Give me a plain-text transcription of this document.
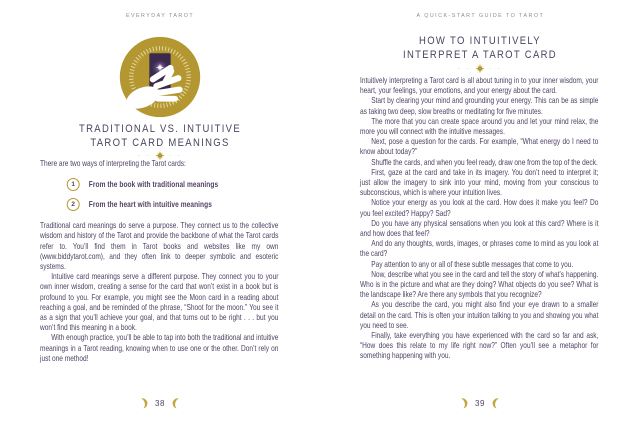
EVERYDAY TAROT
TRADITIONAL VS. INTUITIVE
TAROT CARD MEANINGS
· ·	· ·

There are two ways of interpreting the Tarot cards:

1	From the book with traditional meanings
2	From the heart with intuitive meanings

Traditional card meanings do serve a purpose. They connect us to the collective wisdom and history of the Tarot and provide the backbone of what the Tarot cards refer to. You’ll find them in Tarot books and websites like my own (www.biddytarot.com), and they often link to deeper symbolic and esoteric systems.

Intuitive card meanings serve a different purpose. They connect you to your own inner wisdom, creating a sense for the card that won’t exist in a book but is profound to you. For example, you might see the Moon card in a reading about reaching a goal, and be reminded of the phrase, “Shoot for the moon.” You see it as a sign that you’ll achieve your goal, and that turns out to be right . . . but you won’t find this meaning in a book.

With enough practice, you’ll be able to tap into both the traditional and intuitive meanings in a Tarot reading, knowing when to use one or the other. Don’t rely on just one method!

38
A QUICK-START GUIDE TO TAROT
HOW TO INTUITIVELY
INTERPRET A TAROT CARD
· ·	· ·

Intuitively interpreting a Tarot card is all about tuning in to your inner wisdom, your heart, your feelings, your emotions, and your energy about the card.

Start by clearing your mind and grounding your energy. This can be as simple as taking two deep, slow breaths or meditating for five minutes.

The more that you can create space around you and let your mind relax, the more you will connect with the intuitive messages.

Next, pose a question for the cards. For example, “What energy do I need to know about today?”

Shuffle the cards, and when you feel ready, draw one from the top of the deck.

First, gaze at the card and take in its imagery. You don’t need to interpret it; just allow the imagery to sink into your mind, moving from your conscious to subconscious, which is where your intuition lives.

Notice your energy as you look at the card. How does it make you feel? Do you feel excited? Happy? Sad?

Do you have any physical sensations when you look at this card? Where is it and how does that feel?

And do any thoughts, words, images, or phrases come to mind as you look at the card?

Pay attention to any or all of these subtle messages that come to you.

Now, describe what you see in the card and tell the story of what’s happening. Who is in the picture and what are they doing? What objects do you see? What is the landscape like? Are there any symbols that you recognize?

As you describe the card, you might also find your eye drawn to a smaller detail on the card. This is often your intuition talking to you and showing you what you need to see.

Finally, take everything you have experienced with the card so far and ask, “How does this relate to my life right now?” Often you’ll see a metaphor for something happening with you.

39
